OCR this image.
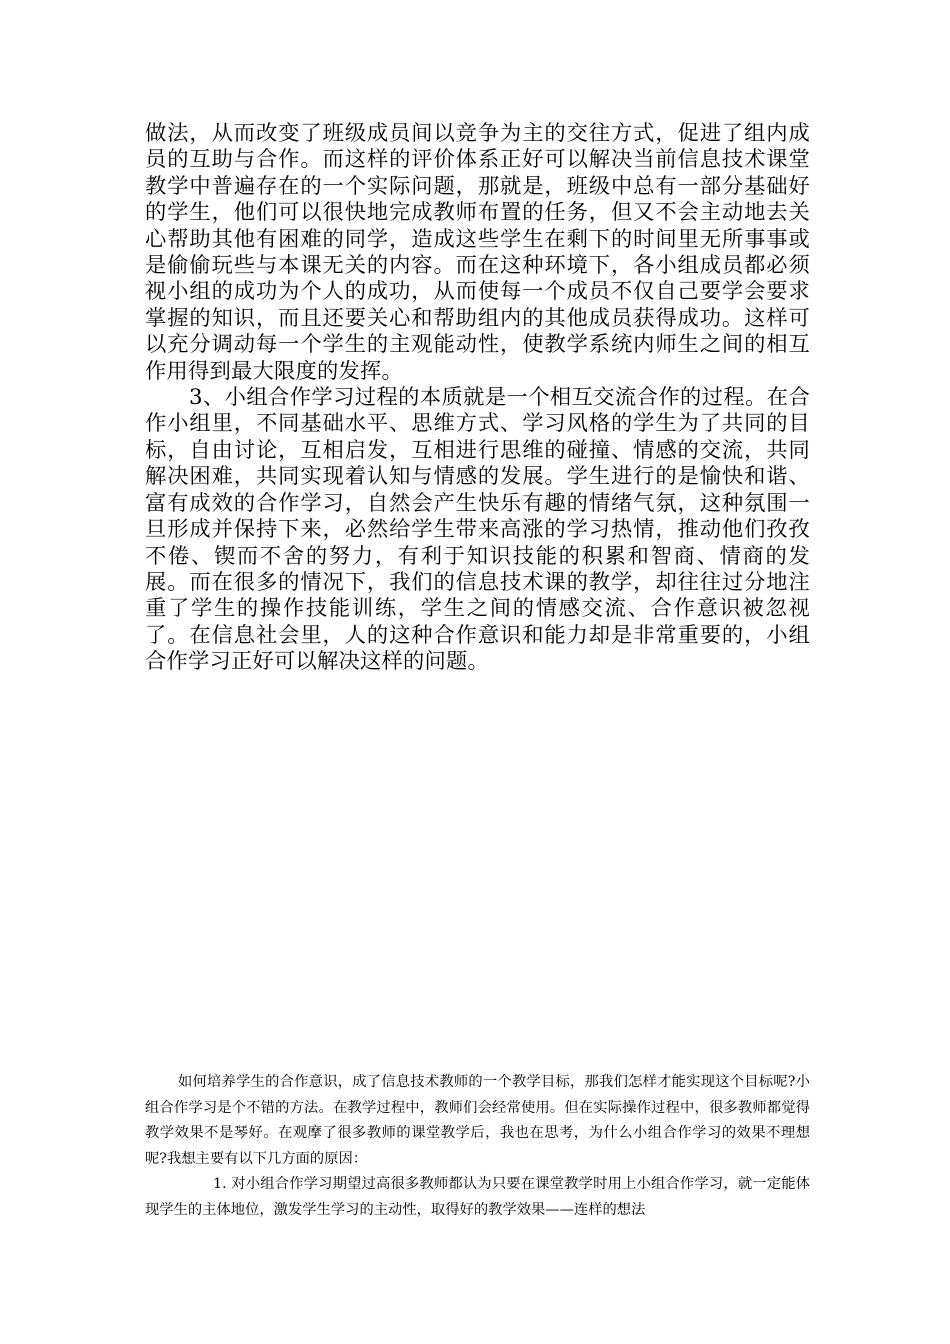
做法，从而改变了班级成员间以竞争为主的交往方式，促进了组内成员的互助与合作。而这样的评价体系正好可以解决当前信息技术课堂教学中普遍存在的一个实际问题，那就是，班级中总有一部分基础好的学生，他们可以很快地完成教师布置的任务，但又不会主动地去关心帮助其他有困难的同学，造成这些学生在剩下的时间里无所事事或是偷偷玩些与本课无关的内容。而在这种环境下，各小组成员都必须视小组的成功为个人的成功，从而使每一个成员不仅自己要学会要求掌握的知识，而且还要关心和帮助组内的其他成员获得成功。这样可以充分调动每一个学生的主观能动性，使教学系统内师生之间的相互作用得到最大限度的发挥。

3、小组合作学习过程的本质就是一个相互交流合作的过程。在合作小组里，不同基础水平、思维方式、学习风格的学生为了共同的目标，自由讨论，互相启发，互相进行思维的碰撞、情感的交流，共同解决困难，共同实现着认知与情感的发展。学生进行的是愉快和谐、富有成效的合作学习，自然会产生快乐有趣的情绪气氛，这种氛围一旦形成并保持下来，必然给学生带来高涨的学习热情，推动他们孜孜不倦、锲而不舍的努力，有利于知识技能的积累和智商、情商的发展。而在很多的情况下，我们的信息技术课的教学，却往往过分地注重了学生的操作技能训练，学生之间的情感交流、合作意识被忽视了。在信息社会里，人的这种合作意识和能力却是非常重要的，小组合作学习正好可以解决这样的问题。

如何培养学生的合作意识，成了信息技术教师的一个教学目标，那我们怎样才能实现这个目标呢?小组合作学习是个不错的方法。在教学过程中，教师们会经常使用。但在实际操作过程中，很多教师都觉得教学效果不是琴好。在观摩了很多教师的课堂教学后，我也在思考，为什么小组合作学习的效果不理想呢?我想主要有以下几方面的原因：

1. 对小组合作学习期望过高很多教师都认为只要在课堂教学时用上小组合作学习，就一定能体现学生的主体地位，激发学生学习的主动性，取得好的教学效果——连样的想法
